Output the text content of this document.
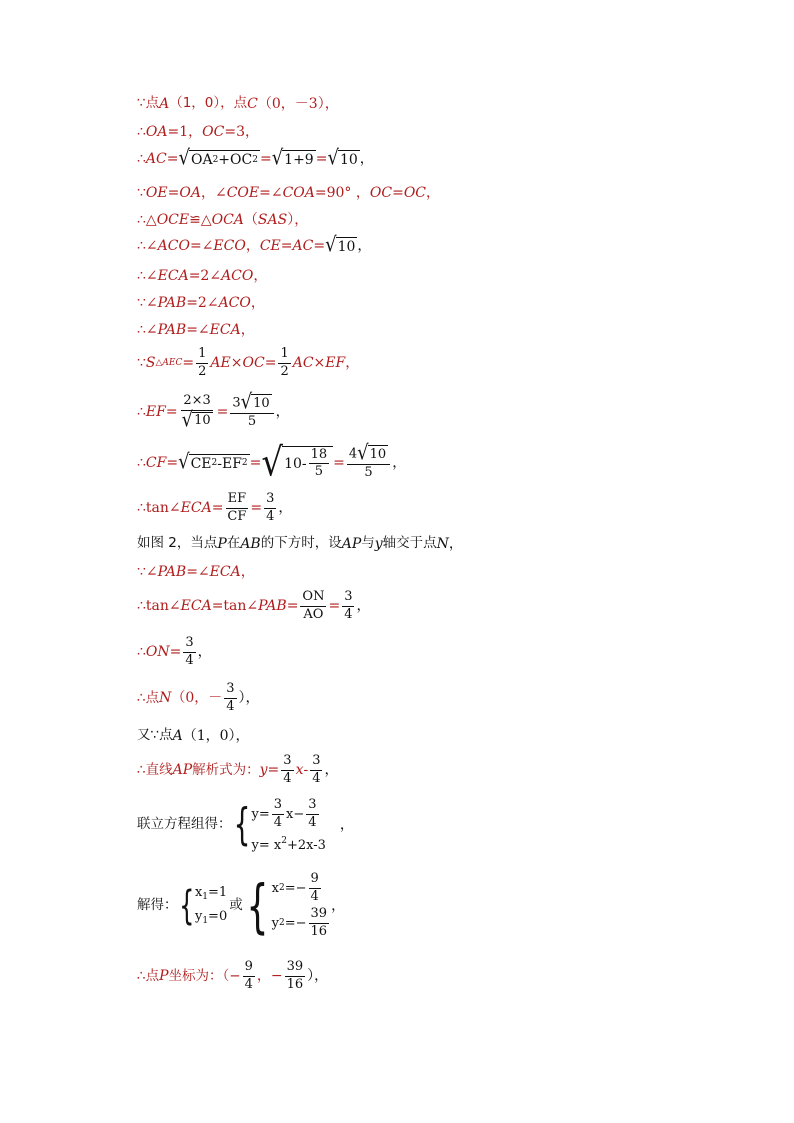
∵点 A （1，0），点 C （0，－3），
∴ OA =1， OC =3，
∴ AC = √ OA 2 +OC 2 = √ 1+9 = √ 10 ，
∵ OE = OA ，∠ COE =∠ COA =90° ， OC = OC ，
∴△ OCE ≌△ OCA （ SAS ），
∴∠ ACO =∠ ECO ， CE = AC = √ 10 ，
∴∠ ECA =2∠ ACO ，
∵∠ PAB =2∠ ACO ，
∴∠ PAB =∠ ECA ，
∵ S △AEC = $\frac{1}{2}$ AE × OC = $\frac{1}{2}$ AC × EF ，
∴ EF = $\frac{2\times 3}{√ 10} = \frac{3 √ 10}{5}$ ，
∴ CF = √ CE 2 -EF 2 = √ $10- \frac{18}{5} = \frac{4 √ 10}{5}$ ，
∴tan∠ ECA = $\frac{EF}{CF} = \frac{3}{4}$ ，
如图 2，当点 P 在 AB 的下方时，设 AP 与 y 轴交于点 N ，
∵∠ PAB =∠ ECA ，
∴tan∠ ECA =tan∠ PAB = $\frac{ON}{AO} = \frac{3}{4}$ ，
∴ ON = $\frac{3}{4}$ ，
∴点 N （0，－ $\frac{3}{4}$ ），
又∵点 A （1，0），
∴直线 AP 解析式为： $y = \frac{3}{4}$ x - $\frac{3}{4}$ ，
联立方程组得： { $y= \frac{3}{4} x- \frac{3}{4}$
$y= x^2+2x-3$
，
解得： { $x_1=1$
$y_1=0$
或 { x $2 =- \frac{9}{4}$
y $2 =- \frac{39}{16}$
，
∴点 P 坐标为：（− $\frac{9}{4}$ ，− $\frac{39}{16}$ ），
